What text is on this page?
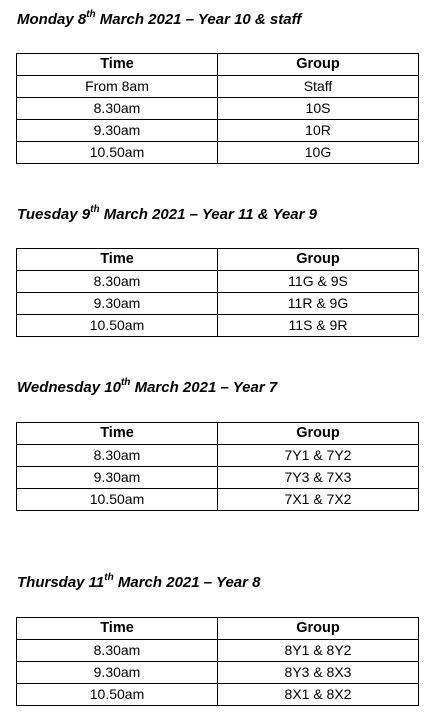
Monday 8th March 2021 – Year 10 & staff
Time	Group
From 8am	Staff
8.30am	10S
9.30am	10R
10.50am	10G
Tuesday 9th March 2021 – Year 11 & Year 9
Time	Group
8.30am	11G & 9S
9.30am	11R & 9G
10.50am	11S & 9R
Wednesday 10th March 2021 – Year 7
Time	Group
8.30am	7Y1 & 7Y2
9.30am	7Y3 & 7X3
10.50am	7X1 & 7X2
Thursday 11th March 2021 – Year 8
Time	Group
8.30am	8Y1 & 8Y2
9.30am	8Y3 & 8X3
10.50am	8X1 & 8X2
